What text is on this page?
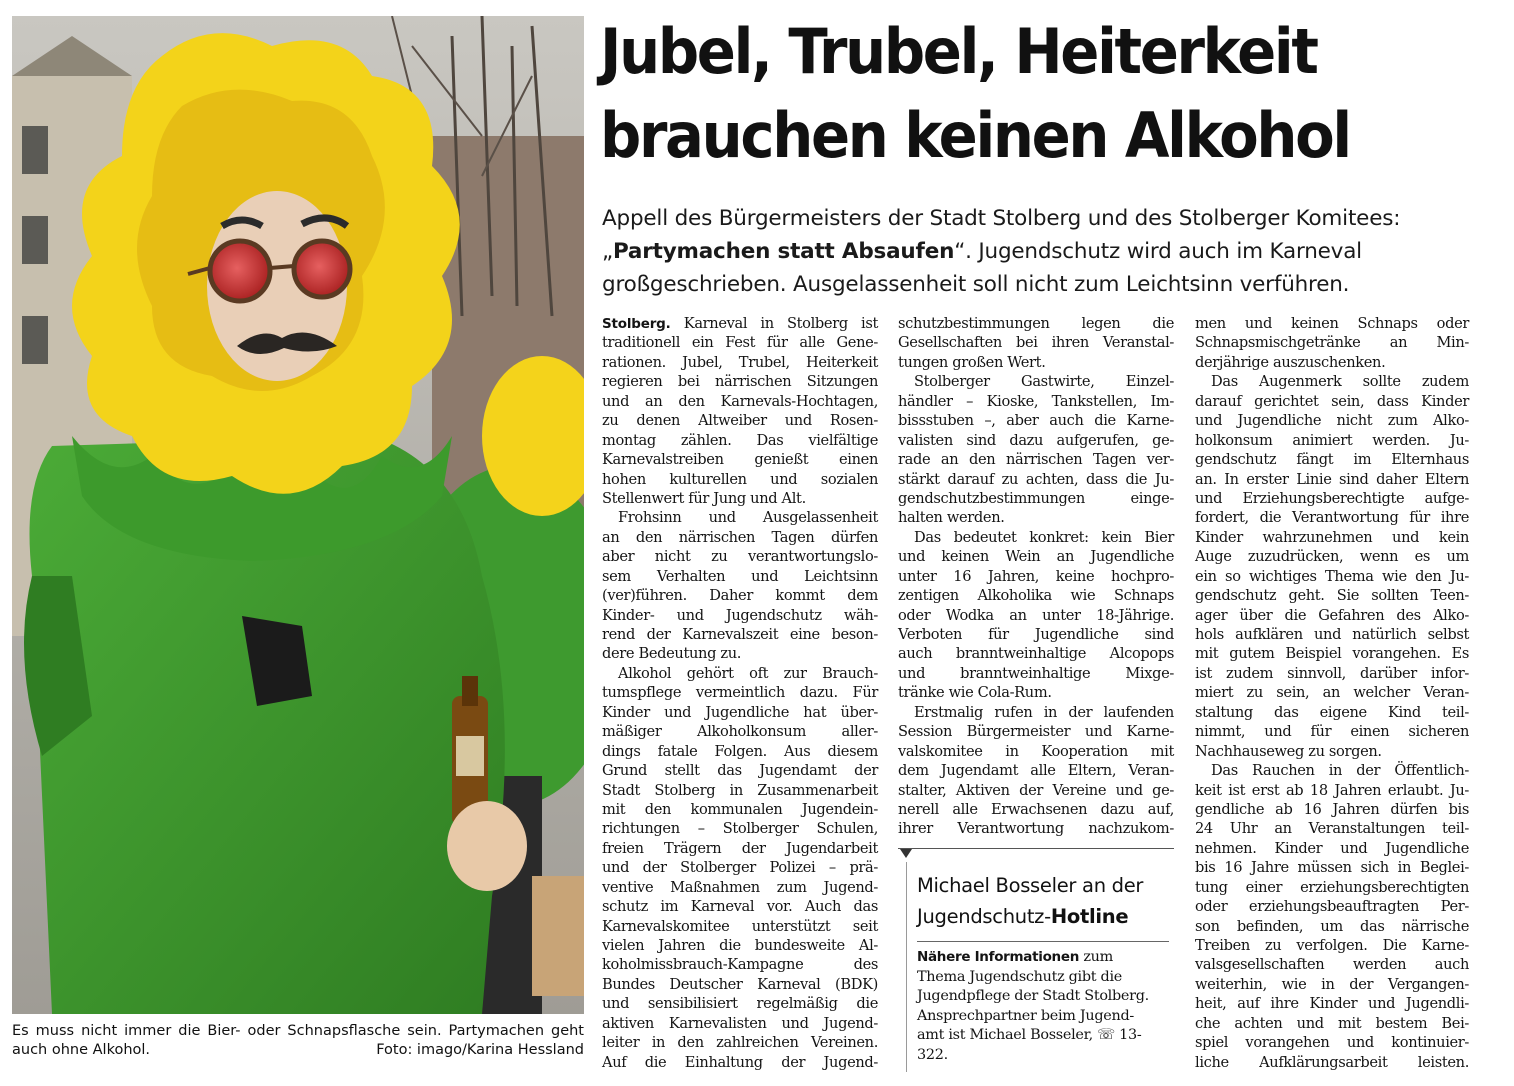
Es muss nicht immer die Bier- oder Schnapsflasche sein. Partymachen geht auch ohne Alkohol.	Foto: imago/Karina Hessland
Jubel, Trubel, Heiterkeit
brauchen keinen Alkohol
Appell des Bürgermeisters der Stadt Stolberg und des Stolberger Komitees:
„Partymachen statt Absaufen“. Jugendschutz wird auch im Karneval
großgeschrieben. Ausgelassenheit soll nicht zum Leichtsinn verführen.
Stolberg. Karneval in Stolberg ist
traditionell ein Fest für alle Gene-
rationen. Jubel, Trubel, Heiterkeit
regieren bei närrischen Sitzungen
und an den Karnevals-Hochtagen,
zu denen Altweiber und Rosen-
montag zählen. Das vielfältige
Karnevalstreiben genießt einen
hohen kulturellen und sozialen
Stellenwert für Jung und Alt.
Frohsinn und Ausgelassenheit
an den närrischen Tagen dürfen
aber nicht zu verantwortungslo-
sem Verhalten und Leichtsinn
(ver)führen. Daher kommt dem
Kinder- und Jugendschutz wäh-
rend der Karnevalszeit eine beson-
dere Bedeutung zu.
Alkohol gehört oft zur Brauch-
tumspflege vermeintlich dazu. Für
Kinder und Jugendliche hat über-
mäßiger Alkoholkonsum aller-
dings fatale Folgen. Aus diesem
Grund stellt das Jugendamt der
Stadt Stolberg in Zusammenarbeit
mit den kommunalen Jugendein-
richtungen – Stolberger Schulen,
freien Trägern der Jugendarbeit
und der Stolberger Polizei – prä-
ventive Maßnahmen zum Jugend-
schutz im Karneval vor. Auch das
Karnevalskomitee unterstützt seit
vielen Jahren die bundesweite Al-
koholmissbrauch-Kampagne des
Bundes Deutscher Karneval (BDK)
und sensibilisiert regelmäßig die
aktiven Karnevalisten und Jugend-
leiter in den zahlreichen Vereinen.
Auf die Einhaltung der Jugend-
schutzbestimmungen legen die
Gesellschaften bei ihren Veranstal-
tungen großen Wert.
Stolberger Gastwirte, Einzel-
händler – Kioske, Tankstellen, Im-
bissstuben –, aber auch die Karne-
valisten sind dazu aufgerufen, ge-
rade an den närrischen Tagen ver-
stärkt darauf zu achten, dass die Ju-
gendschutzbestimmungen einge-
halten werden.
Das bedeutet konkret: kein Bier
und keinen Wein an Jugendliche
unter 16 Jahren, keine hochpro-
zentigen Alkoholika wie Schnaps
oder Wodka an unter 18-Jährige.
Verboten für Jugendliche sind
auch branntweinhaltige Alcopops
und branntweinhaltige Mixge-
tränke wie Cola-Rum.
Erstmalig rufen in der laufenden
Session Bürgermeister und Karne-
valskomitee in Kooperation mit
dem Jugendamt alle Eltern, Veran-
stalter, Aktiven der Vereine und ge-
nerell alle Erwachsenen dazu auf,
ihrer Verantwortung nachzukom-
men und keinen Schnaps oder
Schnapsmischgetränke an Min-
derjährige auszuschenken.
Das Augenmerk sollte zudem
darauf gerichtet sein, dass Kinder
und Jugendliche nicht zum Alko-
holkonsum animiert werden. Ju-
gendschutz fängt im Elternhaus
an. In erster Linie sind daher Eltern
und Erziehungsberechtigte aufge-
fordert, die Verantwortung für ihre
Kinder wahrzunehmen und kein
Auge zuzudrücken, wenn es um
ein so wichtiges Thema wie den Ju-
gendschutz geht. Sie sollten Teen-
ager über die Gefahren des Alko-
hols aufklären und natürlich selbst
mit gutem Beispiel vorangehen. Es
ist zudem sinnvoll, darüber infor-
miert zu sein, an welcher Veran-
staltung das eigene Kind teil-
nimmt, und für einen sicheren
Nachhauseweg zu sorgen.
Das Rauchen in der Öffentlich-
keit ist erst ab 18 Jahren erlaubt. Ju-
gendliche ab 16 Jahren dürfen bis
24 Uhr an Veranstaltungen teil-
nehmen. Kinder und Jugendliche
bis 16 Jahre müssen sich in Beglei-
tung einer erziehungsberechtigten
oder erziehungsbeauftragten Per-
son befinden, um das närrische
Treiben zu verfolgen. Die Karne-
valsgesellschaften werden auch
weiterhin, wie in der Vergangen-
heit, auf ihre Kinder und Jugendli-
che achten und mit bestem Bei-
spiel vorangehen und kontinuier-
liche Aufklärungsarbeit leisten.
Michael Bosseler an der
Jugendschutz-Hotline
Nähere Informationen zum
Thema Jugendschutz gibt die
Jugendpflege der Stadt Stolberg.
Ansprechpartner beim Jugend-
amt ist Michael Bosseler, ☏ 13-
322.
